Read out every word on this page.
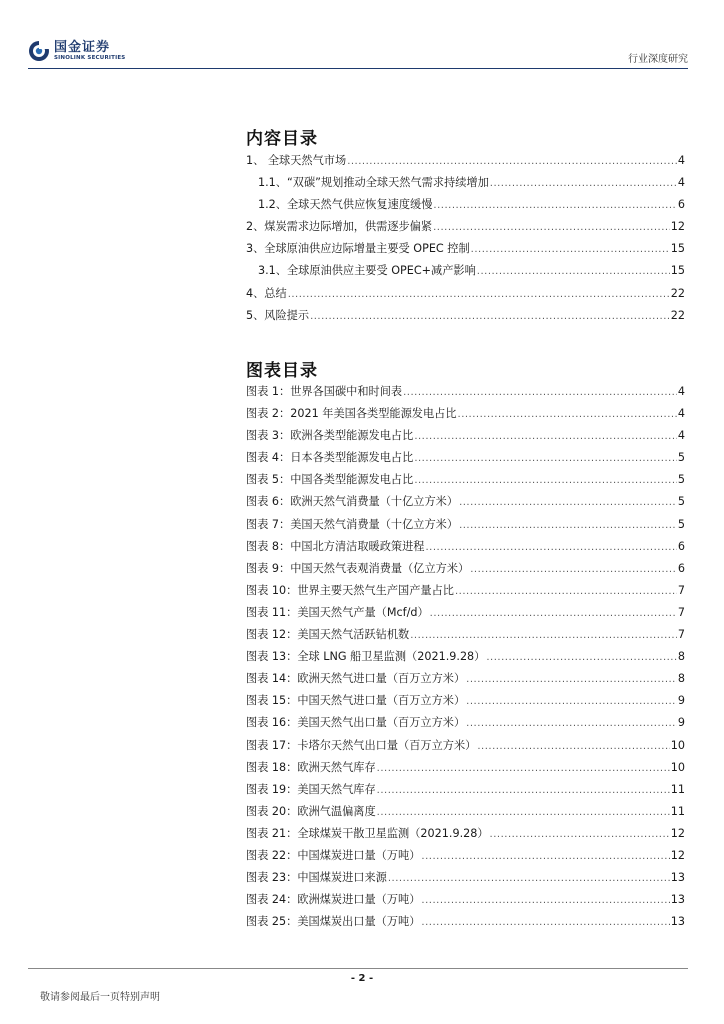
国金证券
SINOLINK SECURITIES	行业深度研究
内容目录
1、 全球天然气市场 .....	4
1.1、“双碳”规划推动全球天然气需求持续增加 .....	4
1.2、全球天然气供应恢复速度缓慢 .....	6
2、煤炭需求边际增加，供需逐步偏紧 .....	12
3、全球原油供应边际增量主要受 OPEC 控制 .....	15
3.1、全球原油供应主要受 OPEC+减产影响 .....	15
4、总结 .....	22
5、风险提示 .....	22
图表目录
图表 1：世界各国碳中和时间表 .....	4
图表 2：2021 年美国各类型能源发电占比 .....	4
图表 3：欧洲各类型能源发电占比 .....	4
图表 4：日本各类型能源发电占比 .....	5
图表 5：中国各类型能源发电占比 .....	5
图表 6：欧洲天然气消费量（十亿立方米） .....	5
图表 7：美国天然气消费量（十亿立方米） .....	5
图表 8：中国北方清洁取暖政策进程 .....	6
图表 9：中国天然气表观消费量（亿立方米） .....	6
图表 10：世界主要天然气生产国产量占比 .....	7
图表 11：美国天然气产量（Mcf/d） .....	7
图表 12：美国天然气活跃钻机数 .....	7
图表 13：全球 LNG 船卫星监测（2021.9.28） .....	8
图表 14：欧洲天然气进口量（百万立方米） .....	8
图表 15：中国天然气进口量（百万立方米） .....	9
图表 16：美国天然气出口量（百万立方米） .....	9
图表 17：卡塔尔天然气出口量（百万立方米） .....	10
图表 18：欧洲天然气库存 .....	10
图表 19：美国天然气库存 .....	11
图表 20：欧洲气温偏离度 .....	11
图表 21：全球煤炭干散卫星监测（2021.9.28） .....	12
图表 22：中国煤炭进口量（万吨） .....	12
图表 23：中国煤炭进口来源 .....	13
图表 24：欧洲煤炭进口量（万吨） .....	13
图表 25：美国煤炭出口量（万吨） .....	13
- 2 -
敬请参阅最后一页特别声明
